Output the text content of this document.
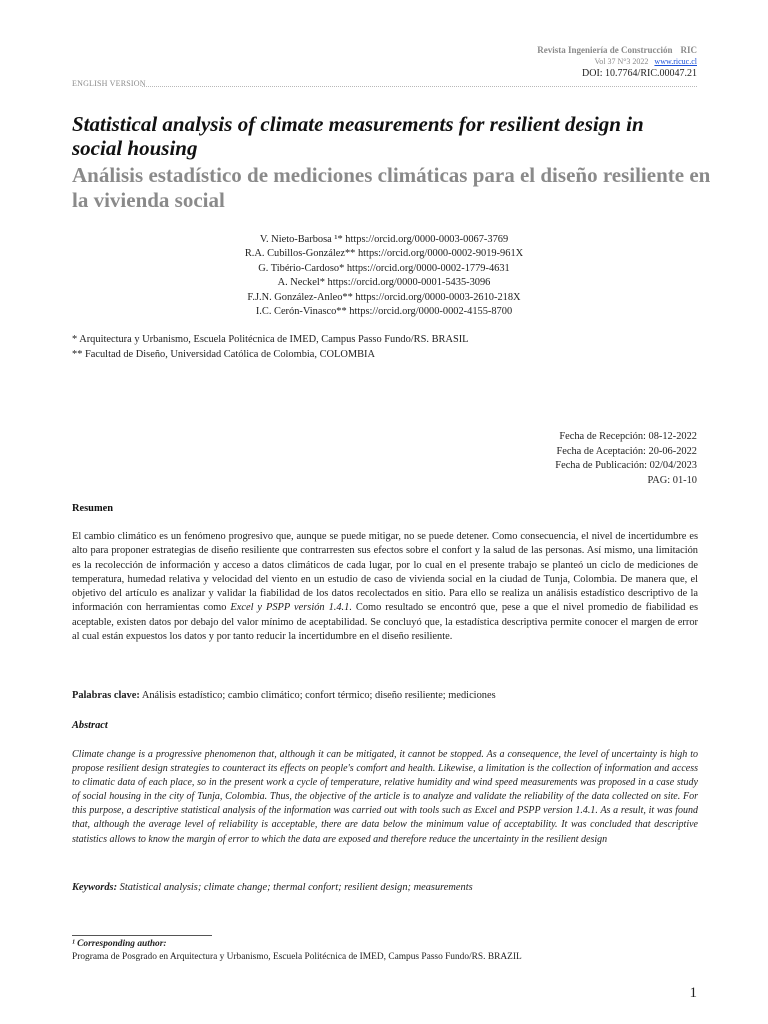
Revista Ingeniería de Construcción RIC
Vol 37 N°3 2022 www.ricuc.cl
DOI: 10.7764/RIC.00047.21
ENGLISH VERSION
Statistical analysis of climate measurements for resilient design in social housing
Análisis estadístico de mediciones climáticas para el diseño resiliente en la vivienda social
V. Nieto-Barbosa ¹* https://orcid.org/0000-0003-0067-3769
R.A. Cubillos-González** https://orcid.org/0000-0002-9019-961X
G. Tibério-Cardoso* https://orcid.org/0000-0002-1779-4631
A. Neckel* https://orcid.org/0000-0001-5435-3096
F.J.N. González-Anleo** https://orcid.org/0000-0003-2610-218X
I.C. Cerón-Vinasco** https://orcid.org/0000-0002-4155-8700
* Arquitectura y Urbanismo, Escuela Politécnica de IMED, Campus Passo Fundo/RS. BRASIL
** Facultad de Diseño, Universidad Católica de Colombia, COLOMBIA
Fecha de Recepción: 08-12-2022
Fecha de Aceptación: 20-06-2022
Fecha de Publicación: 02/04/2023
PAG: 01-10
Resumen
El cambio climático es un fenómeno progresivo que, aunque se puede mitigar, no se puede detener. Como consecuencia, el nivel de incertidumbre es alto para proponer estrategias de diseño resiliente que contrarresten sus efectos sobre el confort y la salud de las personas. Así mismo, una limitación es la recolección de información y acceso a datos climáticos de cada lugar, por lo cual en el presente trabajo se planteó un ciclo de mediciones de temperatura, humedad relativa y velocidad del viento en un estudio de caso de vivienda social en la ciudad de Tunja, Colombia. De manera que, el objetivo del artículo es analizar y validar la fiabilidad de los datos recolectados en sitio. Para ello se realiza un análisis estadístico descriptivo de la información con herramientas como Excel y PSPP versión 1.4.1. Como resultado se encontró que, pese a que el nivel promedio de fiabilidad es aceptable, existen datos por debajo del valor mínimo de aceptabilidad. Se concluyó que, la estadística descriptiva permite conocer el margen de error al cual están expuestos los datos y por tanto reducir la incertidumbre en el diseño resiliente.
Palabras clave: Análisis estadístico; cambio climático; confort térmico; diseño resiliente; mediciones
Abstract
Climate change is a progressive phenomenon that, although it can be mitigated, it cannot be stopped. As a consequence, the level of uncertainty is high to propose resilient design strategies to counteract its effects on people's comfort and health. Likewise, a limitation is the collection of information and access to climatic data of each place, so in the present work a cycle of temperature, relative humidity and wind speed measurements was proposed in a case study of social housing in the city of Tunja, Colombia. Thus, the objective of the article is to analyze and validate the reliability of the data collected on site. For this purpose, a descriptive statistical analysis of the information was carried out with tools such as Excel and PSPP version 1.4.1. As a result, it was found that, although the average level of reliability is acceptable, there are data below the minimum value of acceptability. It was concluded that descriptive statistics allows to know the margin of error to which the data are exposed and therefore reduce the uncertainty in the resilient design
Keywords: Statistical analysis; climate change; thermal confort; resilient design; measurements
¹ Corresponding author:
Programa de Posgrado en Arquitectura y Urbanismo, Escuela Politécnica de IMED, Campus Passo Fundo/RS. BRAZIL
1
